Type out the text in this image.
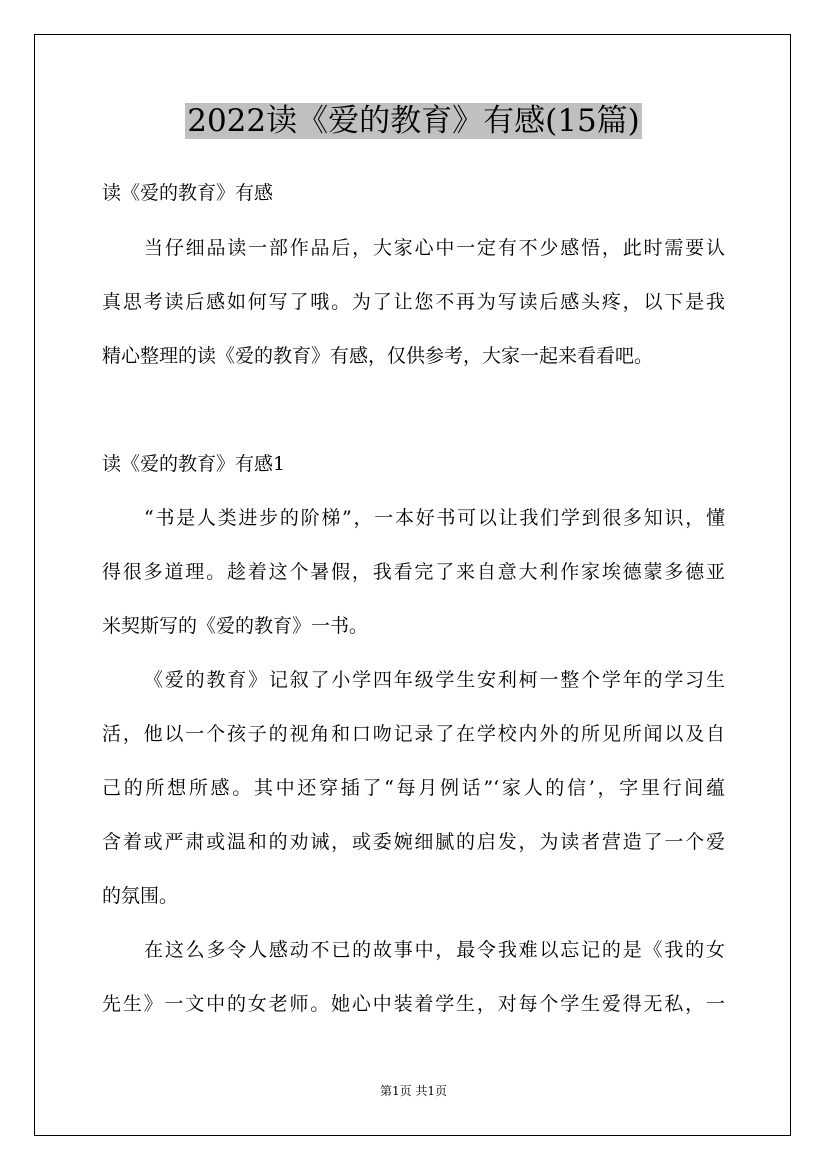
2022读《爱的教育》有感(15篇)
读《爱的教育》有感
当仔细品读一部作品后，大家心中一定有不少感悟，此时需要认
真思考读后感如何写了哦。为了让您不再为写读后感头疼，以下是我
精心整理的读《爱的教育》有感，仅供参考，大家一起来看看吧。
读《爱的教育》有感1
“书是人类进步的阶梯”，一本好书可以让我们学到很多知识，懂
得很多道理。趁着这个暑假，我看完了来自意大利作家埃德蒙多德亚
米契斯写的《爱的教育》一书。
《爱的教育》记叙了小学四年级学生安利柯一整个学年的学习生
活，他以一个孩子的视角和口吻记录了在学校内外的所见所闻以及自
己的所想所感。其中还穿插了“每月例话”‘家人的信’，字里行间蕴
含着或严肃或温和的劝诫，或委婉细腻的启发，为读者营造了一个爱
的氛围。
在这么多令人感动不已的故事中，最令我难以忘记的是《我的女
先生》一文中的女老师。她心中装着学生，对每个学生爱得无私，一
第1页 共1页
